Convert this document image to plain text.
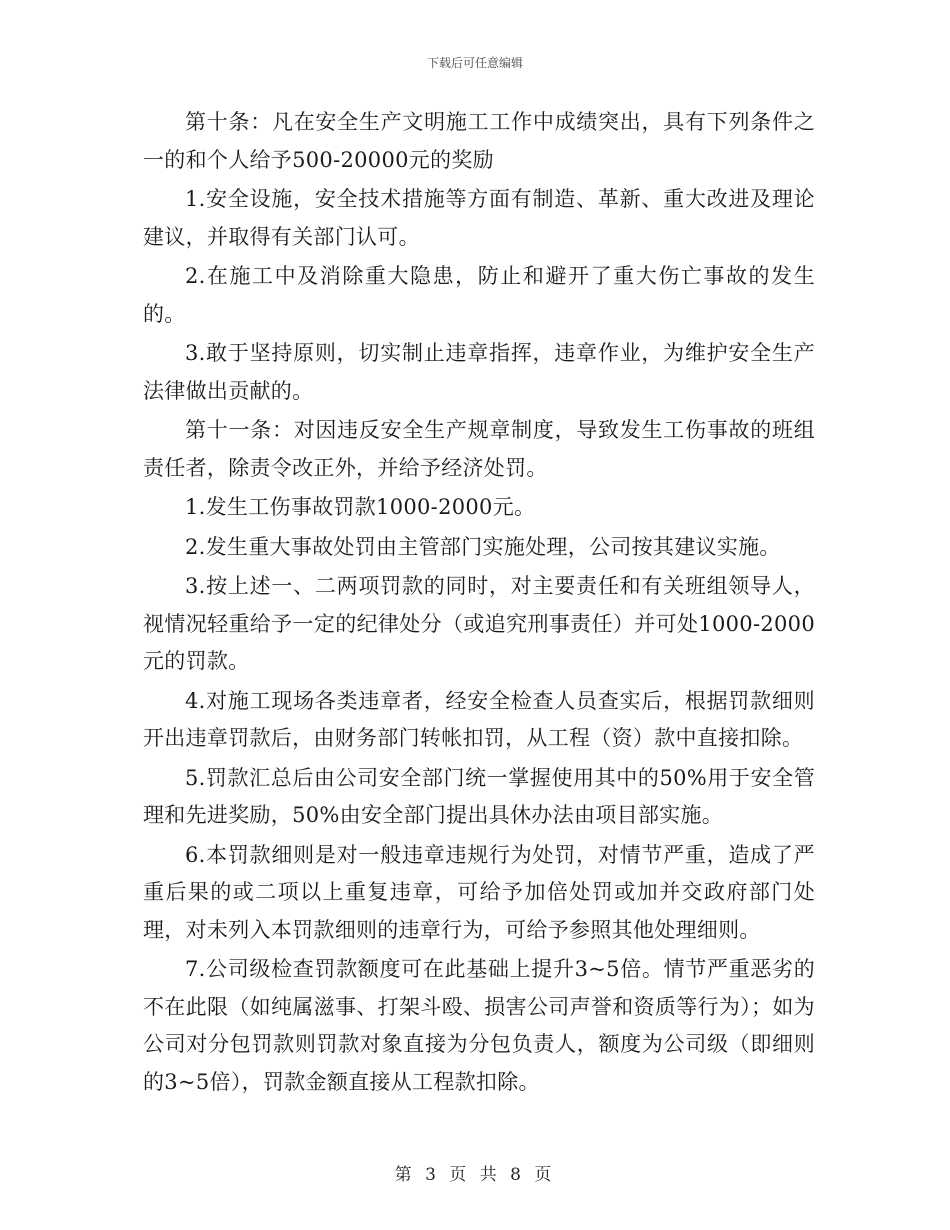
下载后可任意编辑

第十条：凡在安全生产文明施工工作中成绩突出，具有下列条件之一的和个人给予500-20000元的奖励

1.安全设施，安全技术措施等方面有制造、革新、重大改进及理论建议，并取得有关部门认可。

2.在施工中及消除重大隐患，防止和避开了重大伤亡事故的发生的。

3.敢于坚持原则，切实制止违章指挥，违章作业，为维护安全生产法律做出贡献的。

第十一条：对因违反安全生产规章制度，导致发生工伤事故的班组责任者，除责令改正外，并给予经济处罚。

1.发生工伤事故罚款1000-2000元。

2.发生重大事故处罚由主管部门实施处理，公司按其建议实施。

3.按上述一、二两项罚款的同时，对主要责任和有关班组领导人，视情况轻重给予一定的纪律处分（或追究刑事责任）并可处1000-2000元的罚款。

4.对施工现场各类违章者，经安全检查人员查实后，根据罚款细则开出违章罚款后，由财务部门转帐扣罚，从工程（资）款中直接扣除。

5.罚款汇总后由公司安全部门统一掌握使用其中的50%用于安全管理和先进奖励，50%由安全部门提出具休办法由项目部实施。

6.本罚款细则是对一般违章违规行为处罚，对情节严重，造成了严重后果的或二项以上重复违章，可给予加倍处罚或加并交政府部门处理，对未列入本罚款细则的违章行为，可给予参照其他处理细则。

7.公司级检查罚款额度可在此基础上提升3~5倍。情节严重恶劣的不在此限（如纯属滋事、打架斗殴、损害公司声誉和资质等行为）；如为公司对分包罚款则罚款对象直接为分包负责人，额度为公司级（即细则的3~5倍），罚款金额直接从工程款扣除。

第 3 页 共 8 页
